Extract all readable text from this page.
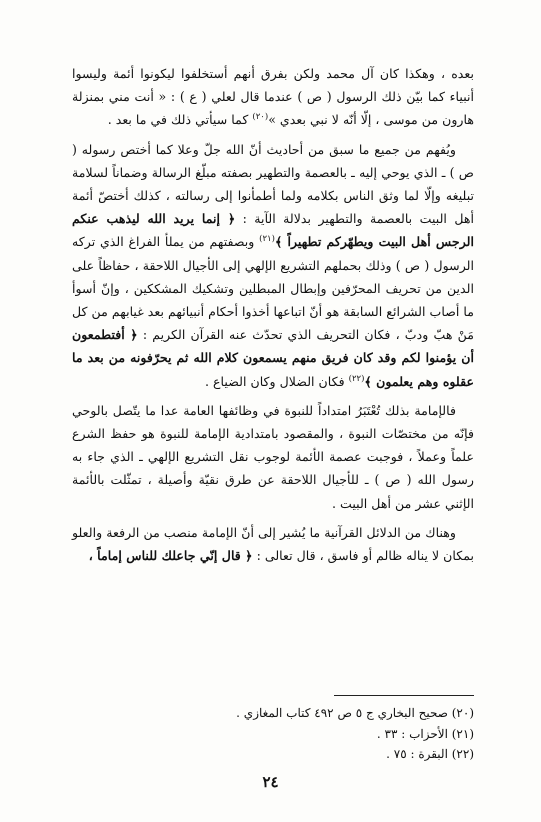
بعده ، وهكذا كان آل محمد ولكن بفرق أنهم أستخلفوا ليكونوا أئمة وليسوا أنبياء كما بيّن ذلك الرسول ( ص ) عندما قال لعلي ( ع ) : « أنت مني بمنزلة هارون من موسى ، إلّا أنّه لا نبي بعدي »$^{(٢٠)}$ كما سيأتي ذلك في ما بعد .

ويُفهم من جميع ما سبق من أحاديث أنّ الله جلّ وعلا كما أختص رسوله ( ص ) ـ الذي يوحي إليه ـ بالعصمة والتطهير بصفته مبلّغ الرسالة وضماناً لسلامة تبليغه وإلّا لما وثق الناس بكلامه ولما أطمأنوا إلى رسالته ، كذلك أختصّ أئمة أهل البيت بالعصمة والتطهير بدلالة الآية : ﴿ إنما يريد الله ليذهب عنكم الرجس أهل البيت ويطهّركم تطهيراً ﴾$^{(٢١)}$ وبصفتهم من يملأ الفراغ الذي تركه الرسول ( ص ) وذلك بحملهم التشريع الإلهي إلى الأجيال اللاحقة ، حفاظاً على الدين من تحريف المحرّفين وإبطال المبطلين وتشكيك المشككين ، وإنّ أسوأ ما أصاب الشرائع السابقة هو أنّ اتباعها أخذوا أحكام أنبيائهم بعد غيابهم من كل مَنْ هبّ ودبّ ، فكان التحريف الذي تحدّث عنه القرآن الكريم : ﴿ أفتطمعون أن يؤمنوا لكم وقد كان فريق منهم يسمعون كلام الله ثم يحرّفونه من بعد ما عقلوه وهم يعلمون ﴾$^{(٢٢)}$ فكان الضلال وكان الضياع .

فالإمامة بذلك تُعْتَبَرُ امتداداً للنبوة في وظائفها العامة عدا ما يتّصل بالوحي فإنّه من مختصّات النبوة ، والمقصود بامتدادية الإمامة للنبوة هو حفظ الشرع علماً وعملاً ، فوجبت عصمة الأئمة لوجوب نقل التشريع الإلهي ـ الذي جاء به رسول الله ( ص ) ـ للأجيال اللاحقة عن طرق نقيّة وأصيلة ، تمثّلت بالأئمة الإثني عشر من أهل البيت .

وهناك من الدلائل القرآنية ما يُشير إلى أنّ الإمامة منصب من الرفعة والعلو بمكان لا يناله ظالم أو فاسق ، قال تعالى : ﴿ قال إنّي جاعلك للناس إماماً ،

(٢٠) صحيح البخاري ج ٥ ص ٤٩٢ كتاب المغازي .
(٢١) الأحزاب : ٣٣ .
(٢٢) البقرة : ٧٥ .
٢٤
